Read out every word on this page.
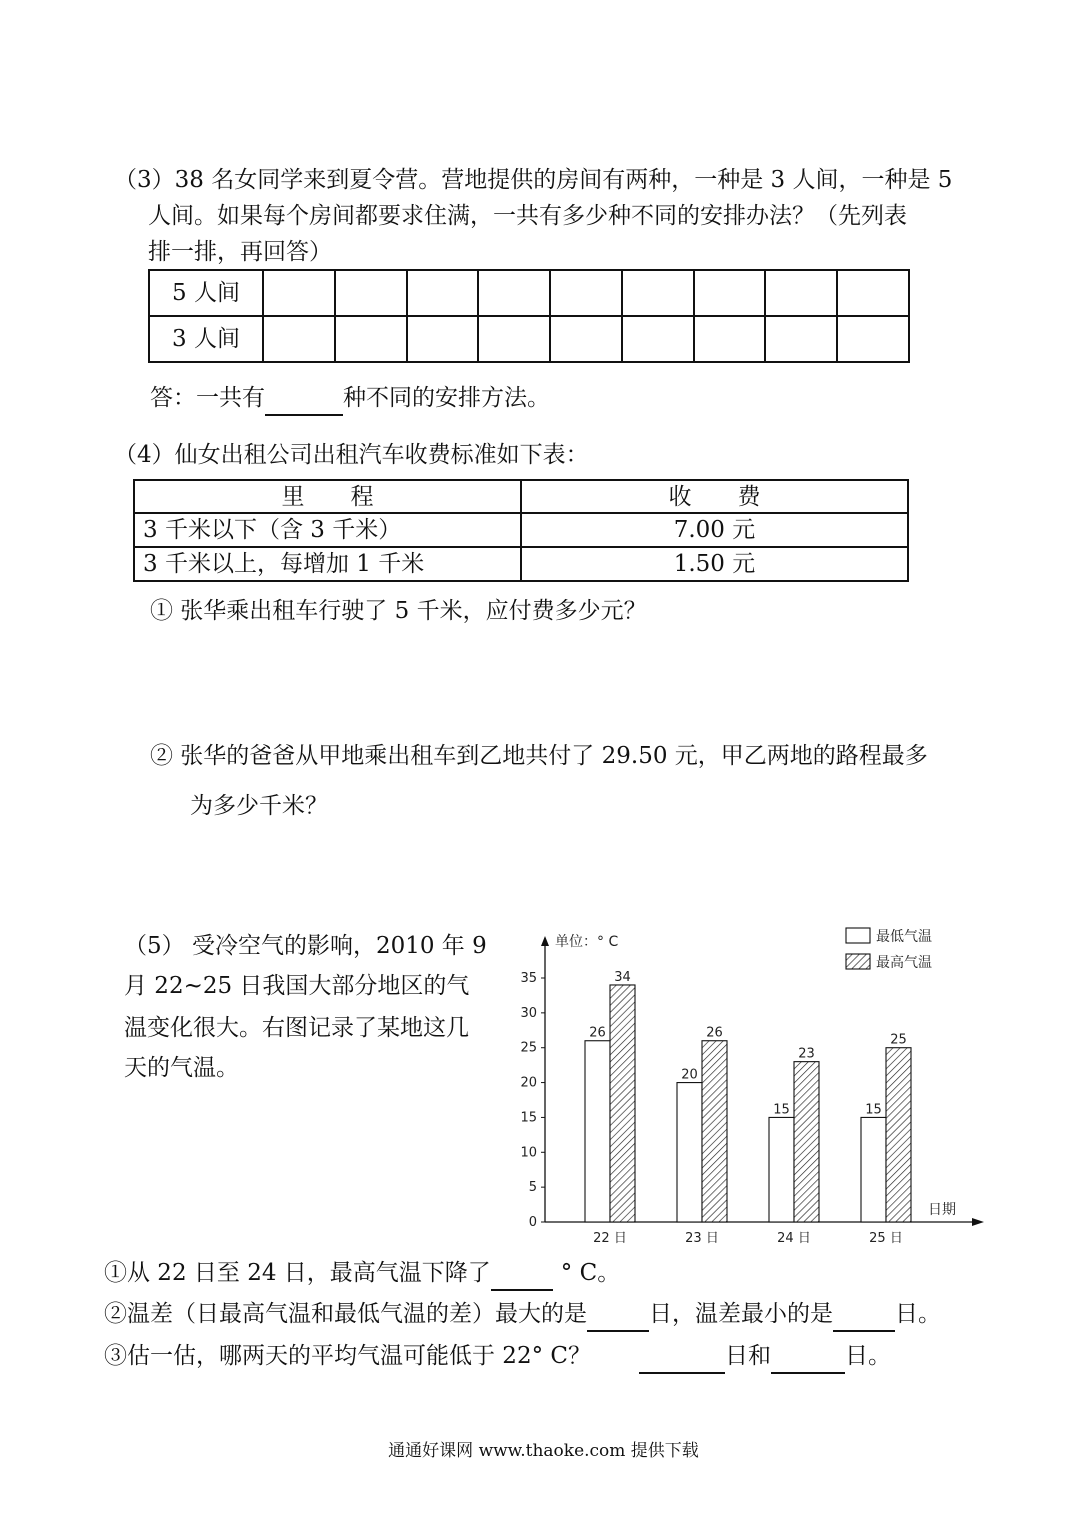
（3）38 名女同学来到夏令营。营地提供的房间有两种，一种是 3 人间，一种是 5
人间。如果每个房间都要求住满，一共有多少种不同的安排办法？（先列表
排一排，再回答）
5 人间									
3 人间									
答：一共有	种不同的安排方法。
（4）仙女出租公司出租汽车收费标准如下表：
里　　程	收　　费
3 千米以下（含 3 千米）	7.00 元
3 千米以上，每增加 1 千米	1.50 元
① 张华乘出租车行驶了 5 千米，应付费多少元？
② 张华的爸爸从甲地乘出租车到乙地共付了 29.50 元，甲乙两地的路程最多
为多少千米？
（5） 受冷空气的影响，2010 年 9
月 22~25 日我国大部分地区的气
温变化很大。右图记录了某地这几
天的气温。
0
5
10
15
20
25
30
35
单位：° C
日期
26
34
22 日
20
26
23 日
15
23
24 日
15
25
25 日
最低气温
最高气温
①从 22 日至 24 日，最高气温下降了	° C。
②温差（日最高气温和最低气温的差）最大的是	日，温差最小的是	日。
③估一估，哪两天的平均气温可能低于 22° C？	日和	日。
通通好课网 www.thaoke.com 提供下载
